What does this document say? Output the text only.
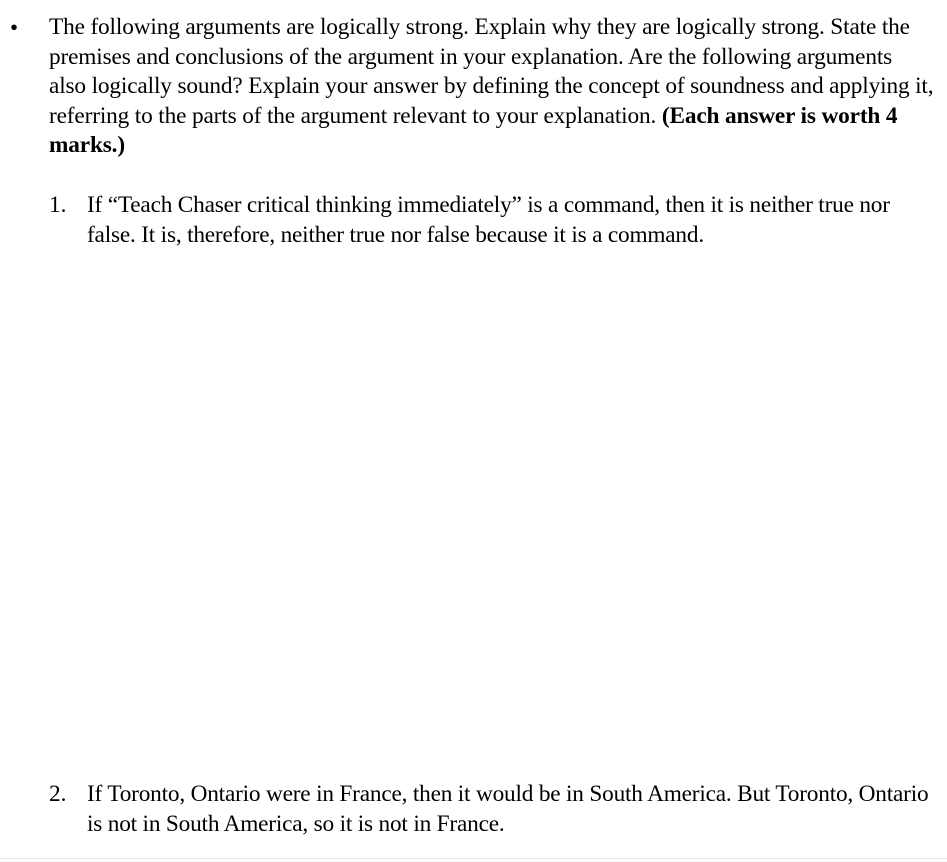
• The following arguments are logically strong. Explain why they are logically strong. State the premises and conclusions of the argument in your explanation. Are the following arguments also logically sound? Explain your answer by defining the concept of soundness and applying it, referring to the parts of the argument relevant to your explanation. (Each answer is worth 4 marks.)
1. If “Teach Chaser critical thinking immediately” is a command, then it is neither true nor false. It is, therefore, neither true nor false because it is a command.
2. If Toronto, Ontario were in France, then it would be in South America. But Toronto, Ontario is not in South America, so it is not in France.
